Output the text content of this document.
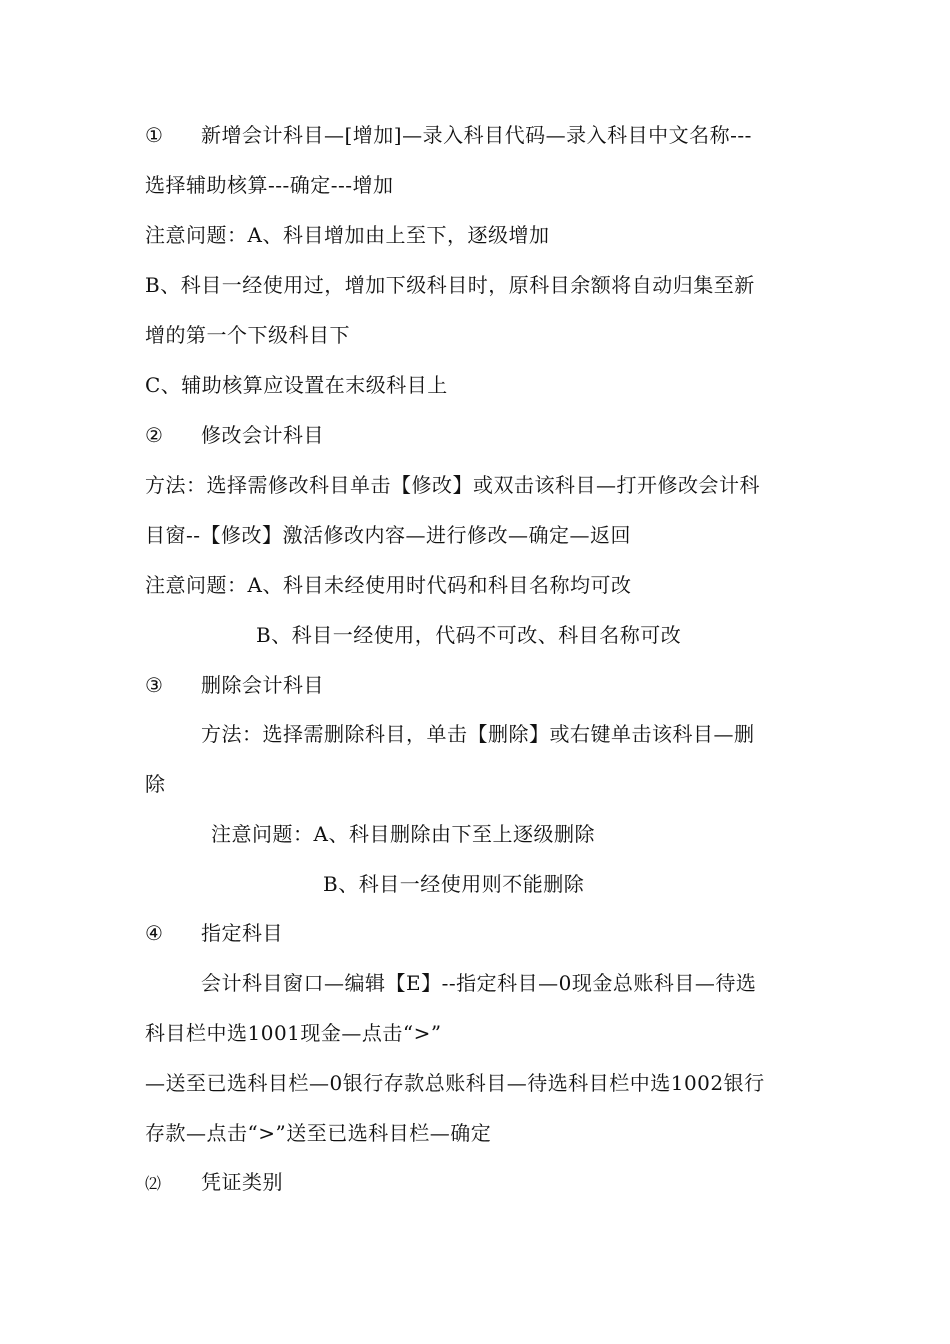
① 新增会计科目—[增加]—录入科目代码—录入科目中文名称---
选择辅助核算---确定---增加
注意问题：A、科目增加由上至下，逐级增加
B、科目一经使用过，增加下级科目时，原科目余额将自动归集至新
增的第一个下级科目下
C、辅助核算应设置在末级科目上
② 修改会计科目
方法：选择需修改科目单击【修改】或双击该科目—打开修改会计科
目窗--【修改】激活修改内容—进行修改—确定—返回
注意问题：A、科目未经使用时代码和科目名称均可改
B、科目一经使用，代码不可改、科目名称可改
③ 删除会计科目
方法：选择需删除科目，单击【删除】或右键单击该科目—删
除
注意问题：A、科目删除由下至上逐级删除
B、科目一经使用则不能删除
④ 指定科目
会计科目窗口—编辑【E】--指定科目—0现金总账科目—待选
科目栏中选1001现金—点击“>”
—送至已选科目栏—0银行存款总账科目—待选科目栏中选1002银行
存款—点击“>”送至已选科目栏—确定
⑵ 凭证类别
